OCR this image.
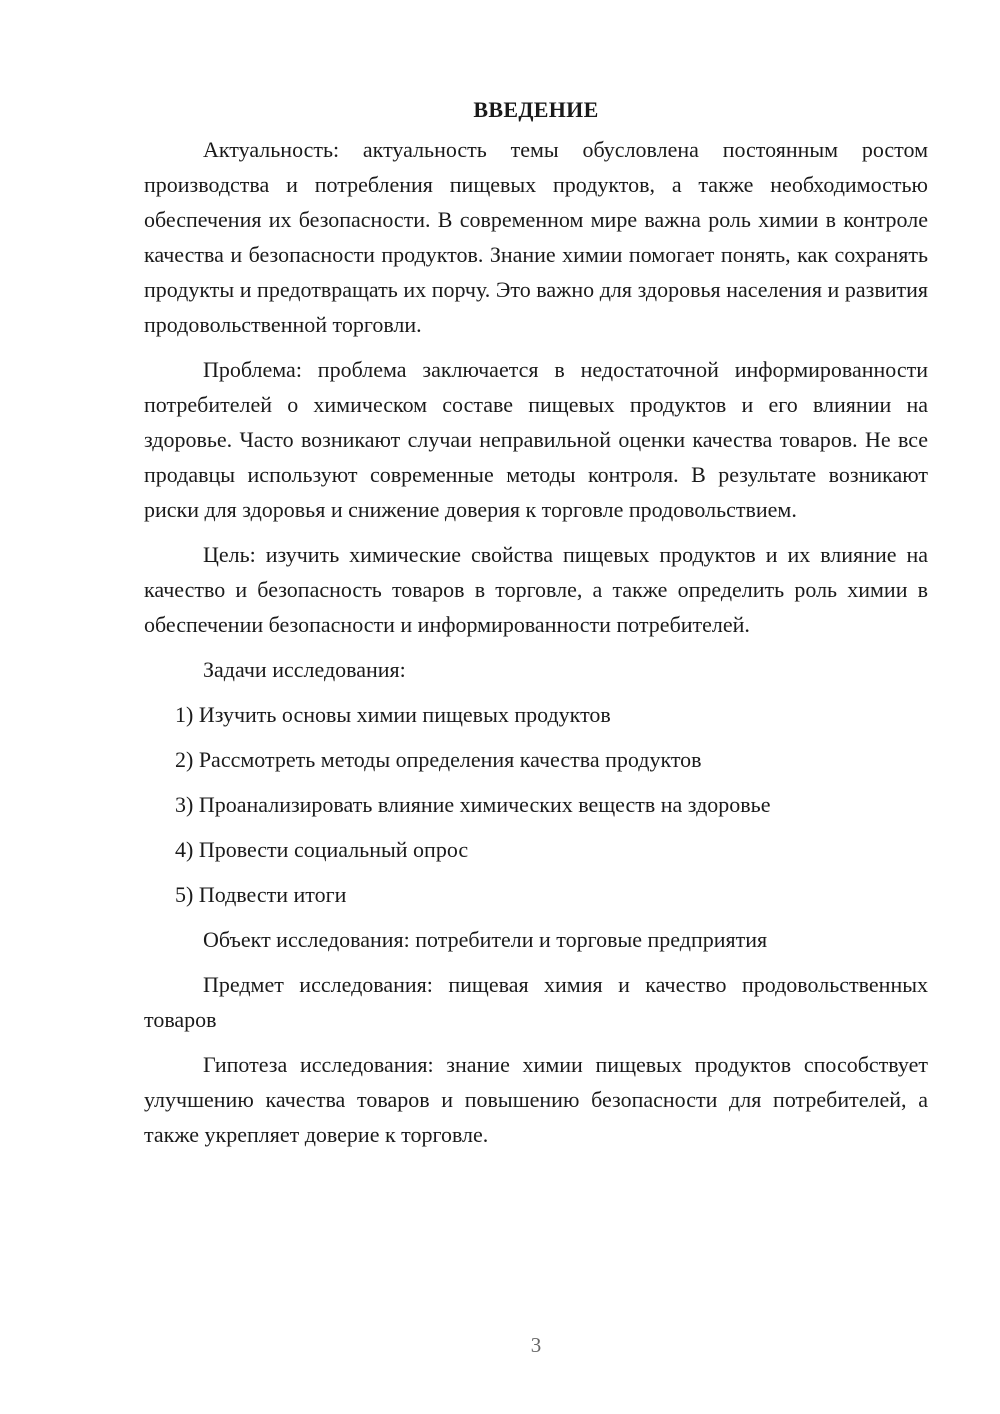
ВВЕДЕНИЕ

Актуальность: актуальность темы обусловлена постоянным ростом производства и потребления пищевых продуктов, а также необходимостью обеспечения их безопасности. В современном мире важна роль химии в контроле качества и безопасности продуктов. Знание химии помогает понять, как сохранять продукты и предотвращать их порчу. Это важно для здоровья населения и развития продовольственной торговли.

Проблема: проблема заключается в недостаточной информированности потребителей о химическом составе пищевых продуктов и его влиянии на здоровье. Часто возникают случаи неправильной оценки качества товаров. Не все продавцы используют современные методы контроля. В результате возникают риски для здоровья и снижение доверия к торговле продовольствием.

Цель: изучить химические свойства пищевых продуктов и их влияние на качество и безопасность товаров в торговле, а также определить роль химии в обеспечении безопасности и информированности потребителей.

Задачи исследования:

1) Изучить основы химии пищевых продуктов
2) Рассмотреть методы определения качества продуктов
3) Проанализировать влияние химических веществ на здоровье
4) Провести социальный опрос
5) Подвести итоги

Объект исследования: потребители и торговые предприятия

Предмет исследования: пищевая химия и качество продовольственных товаров

Гипотеза исследования: знание химии пищевых продуктов способствует улучшению качества товаров и повышению безопасности для потребителей, а также укрепляет доверие к торговле.

3
